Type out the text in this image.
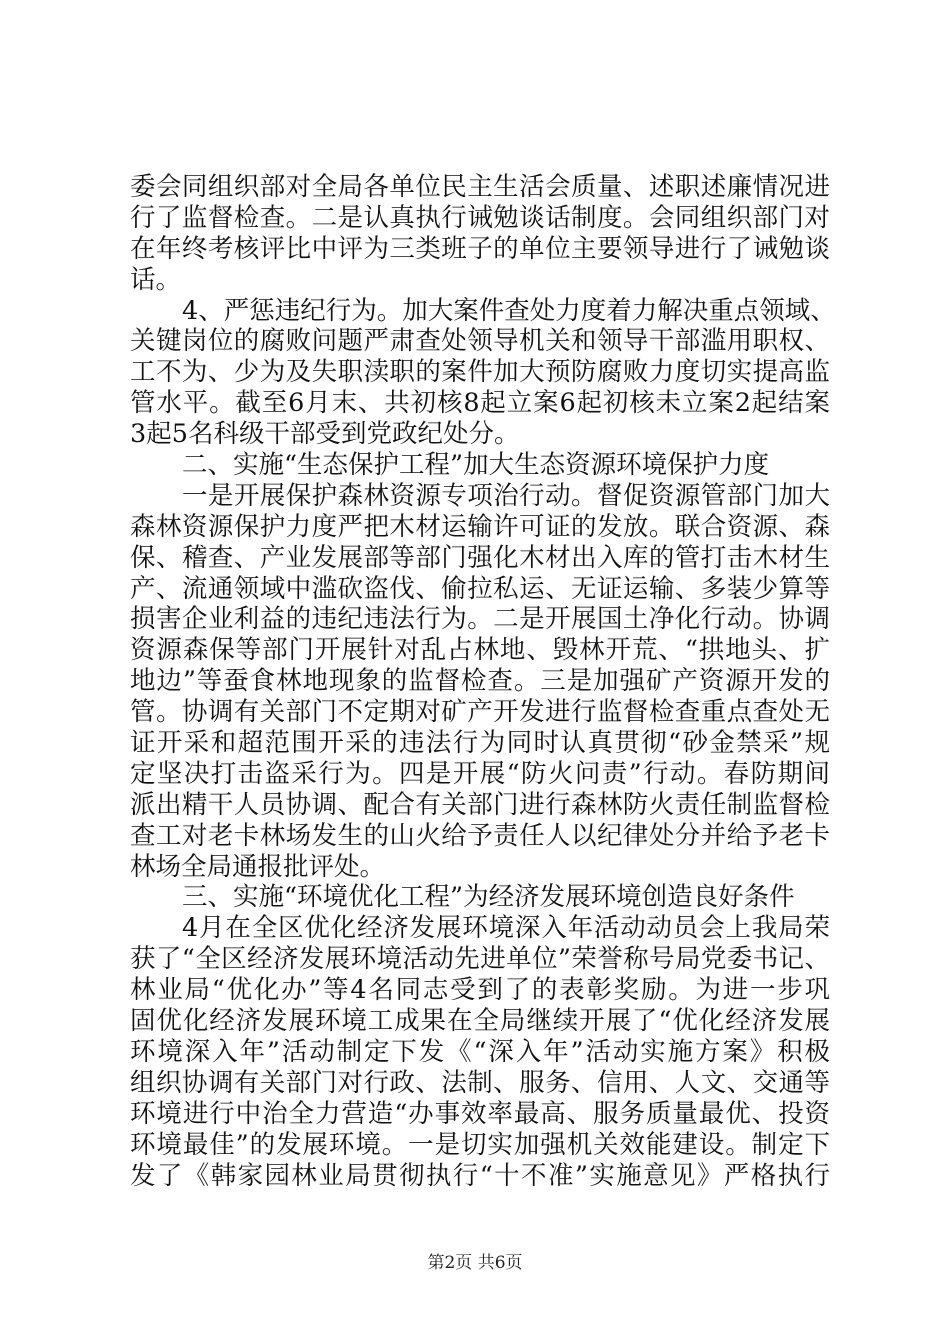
委会同组织部对全局各单位民主生活会质量、述职述廉情况进
行了监督检查。二是认真执行诫勉谈话制度。会同组织部门对
在年终考核评比中评为三类班子的单位主要领导进行了诫勉谈
话。
4、严惩违纪行为。加大案件查处力度着力解决重点领域、
关键岗位的腐败问题严肃查处领导机关和领导干部滥用职权、
工不为、少为及失职渎职的案件加大预防腐败力度切实提高监
管水平。截至6月末、共初核8起立案6起初核未立案2起结案
3起5名科级干部受到党政纪处分。
二、实施“生态保护工程”加大生态资源环境保护力度
一是开展保护森林资源专项治行动。督促资源管部门加大
森林资源保护力度严把木材运输许可证的发放。联合资源、森
保、稽查、产业发展部等部门强化木材出入库的管打击木材生
产、流通领域中滥砍盗伐、偷拉私运、无证运输、多装少算等
损害企业利益的违纪违法行为。二是开展国土净化行动。协调
资源森保等部门开展针对乱占林地、毁林开荒、“拱地头、扩
地边”等蚕食林地现象的监督检查。三是加强矿产资源开发的
管。协调有关部门不定期对矿产开发进行监督检查重点查处无
证开采和超范围开采的违法行为同时认真贯彻“砂金禁采”规
定坚决打击盗采行为。四是开展“防火问责”行动。春防期间
派出精干人员协调、配合有关部门进行森林防火责任制监督检
查工对老卡林场发生的山火给予责任人以纪律处分并给予老卡
林场全局通报批评处。
三、实施“环境优化工程”为经济发展环境创造良好条件
4月在全区优化经济发展环境深入年活动动员会上我局荣
获了“全区经济发展环境活动先进单位”荣誉称号局党委书记、
林业局“优化办”等4名同志受到了的表彰奖励。为进一步巩
固优化经济发展环境工成果在全局继续开展了“优化经济发展
环境深入年”活动制定下发《“深入年”活动实施方案》积极
组织协调有关部门对行政、法制、服务、信用、人文、交通等
环境进行中治全力营造“办事效率最高、服务质量最优、投资
环境最佳”的发展环境。一是切实加强机关效能建设。制定下
发了《韩家园林业局贯彻执行“十不准”实施意见》严格执行
第2页 共6页
